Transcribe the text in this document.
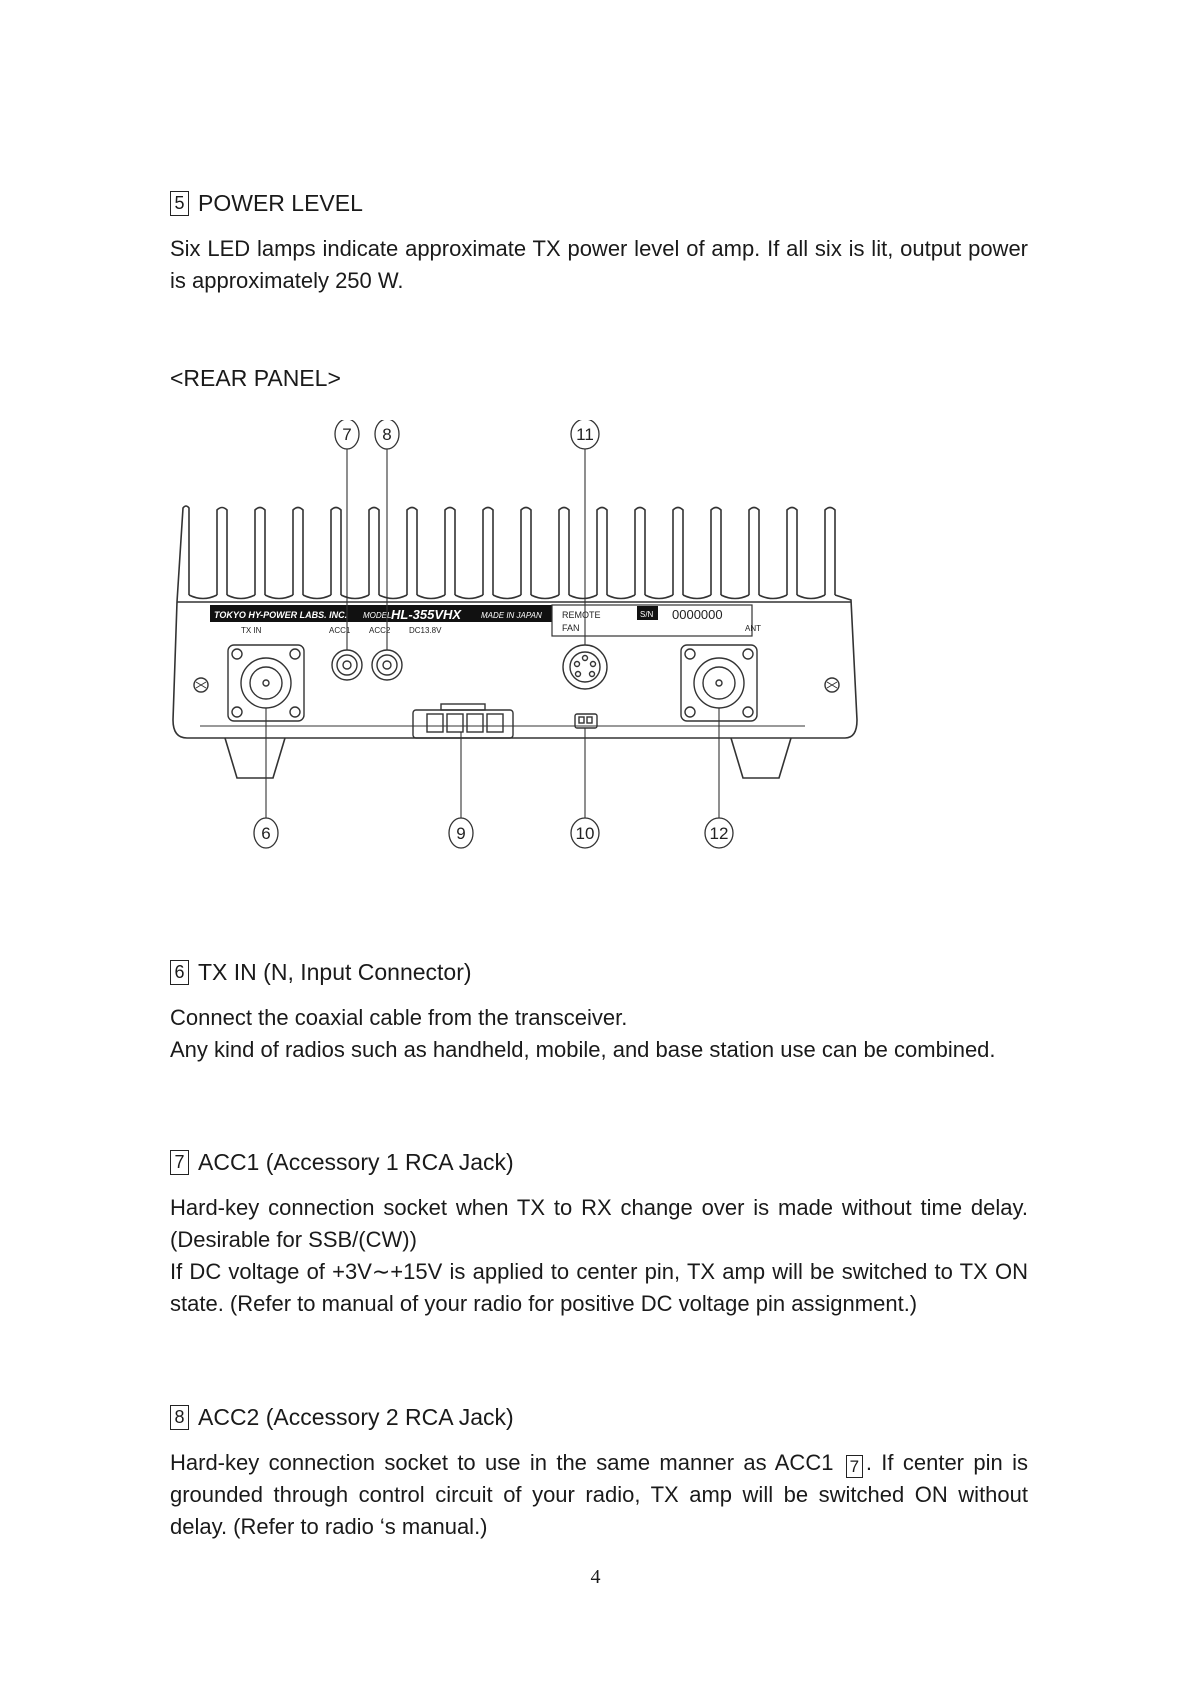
5 POWER LEVEL

Six LED lamps indicate approximate TX power level of amp. If all six is lit, output power is approximately 250 W.

<REAR PANEL>
TOKYO HY-POWER LABS. INC. MODEL HL-355VHX MADE IN JAPAN REMOTE
FAN
S/N 0000000
TX IN	ACC1 ACC2 DC13.8V	ANT
7 8	11
6	9	10	12
6 TX IN (N, Input Connector)

Connect the coaxial cable from the transceiver.

Any kind of radios such as handheld, mobile, and base station use can be combined.

7 ACC1 (Accessory 1 RCA Jack)

Hard-key connection socket when TX to RX change over is made without time delay. (Desirable for SSB/(CW))

If DC voltage of +3V∼+15V is applied to center pin, TX amp will be switched to TX ON state. (Refer to manual of your radio for positive DC voltage pin assignment.)

8 ACC2 (Accessory 2 RCA Jack)

Hard-key connection socket to use in the same manner as ACC1 7 . If center pin is grounded through control circuit of your radio, TX amp will be switched ON without delay. (Refer to radio ‘s manual.)

4
